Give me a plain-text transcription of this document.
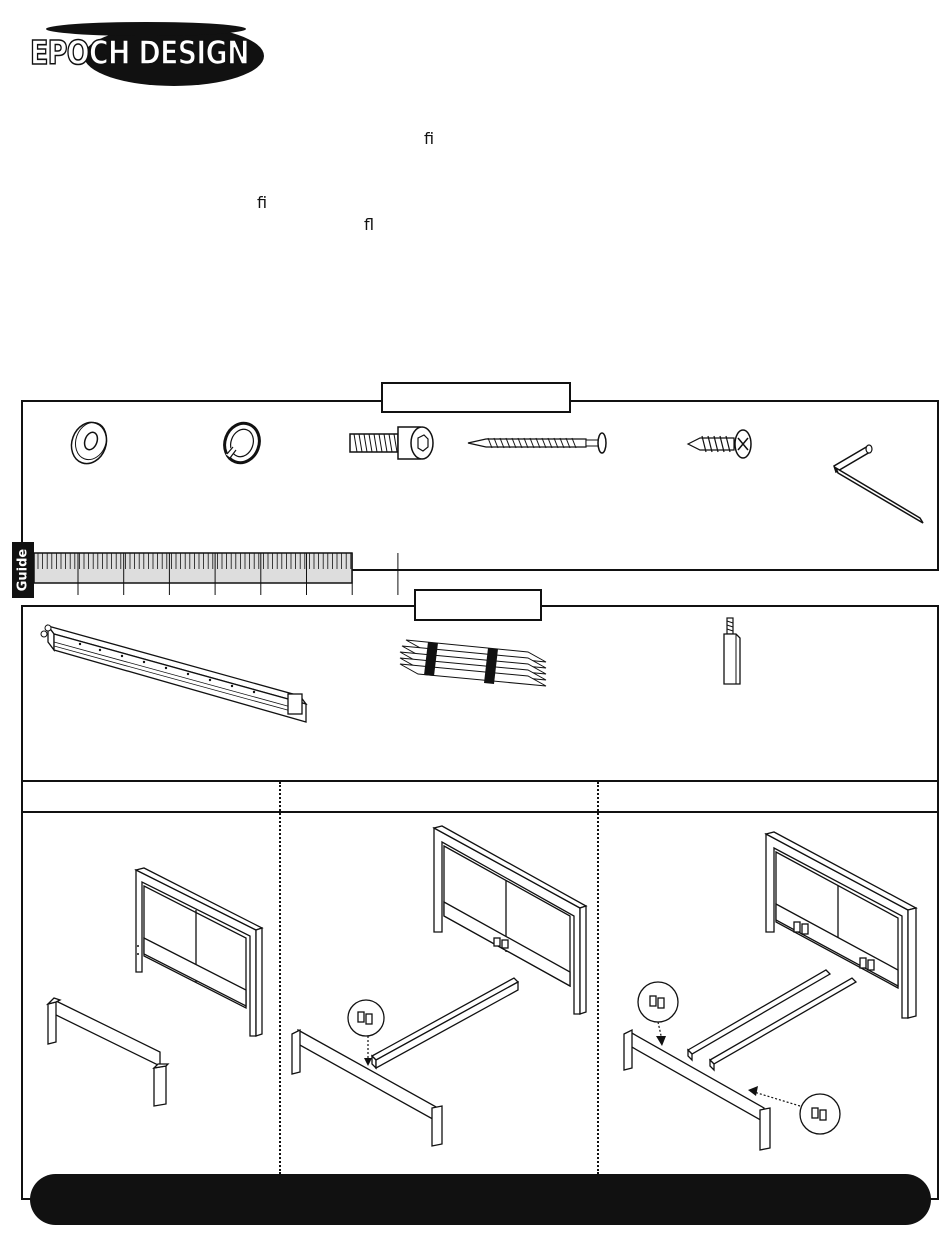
EPOCH DESIGN
ﬁ
ﬁ
ﬂ
Guide
